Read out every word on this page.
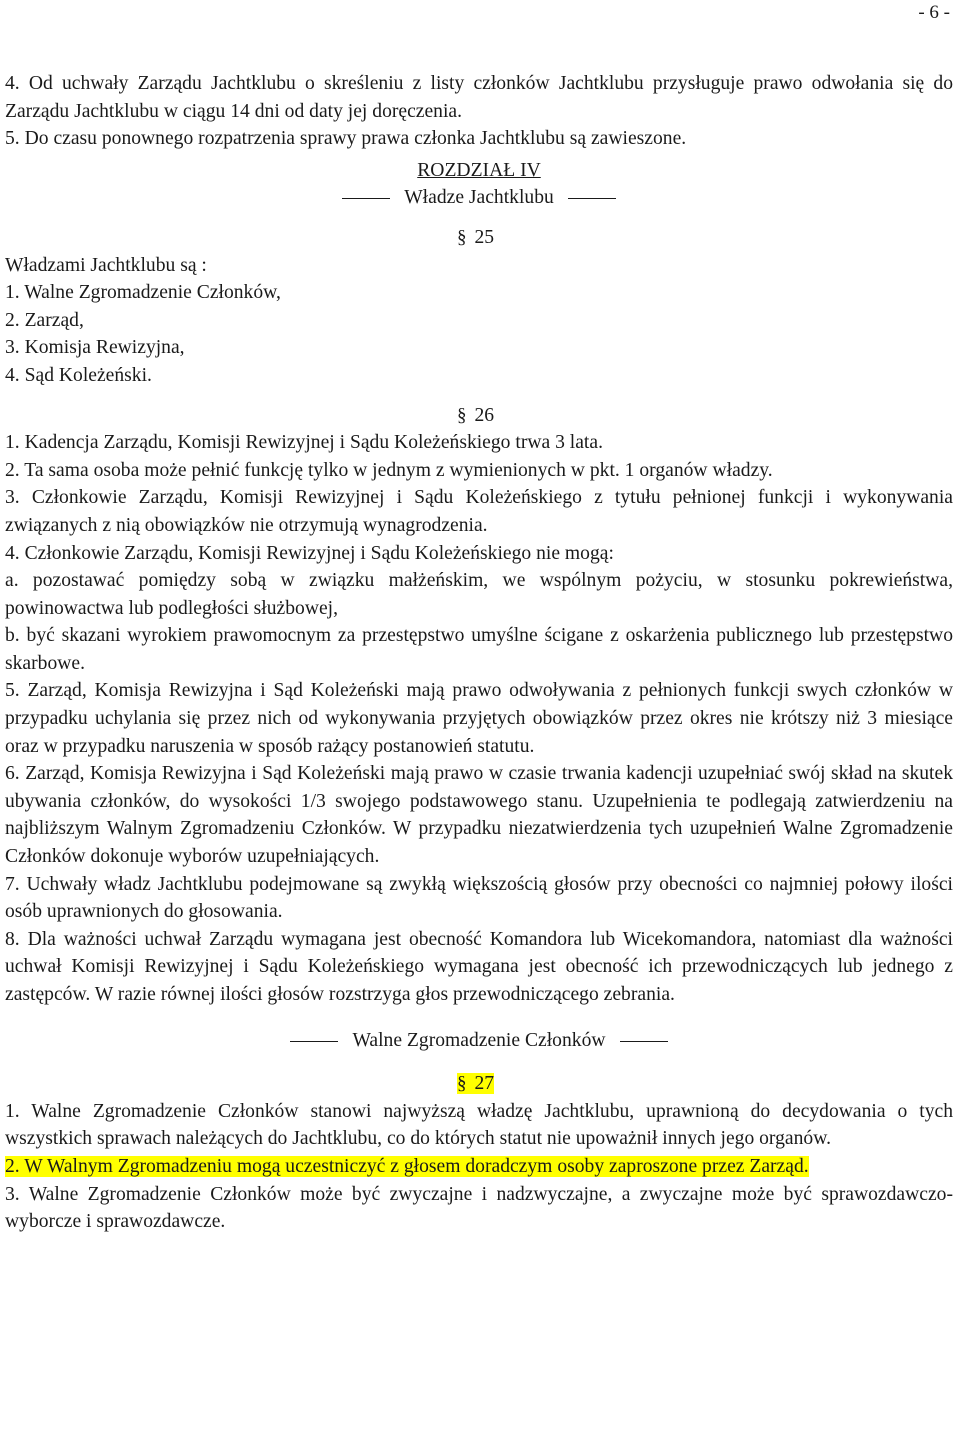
- 6 -

4. Od uchwały Zarządu Jachtklubu o skreśleniu z listy członków Jachtklubu przysługuje prawo odwołania się do Zarządu Jachtklubu w ciągu 14 dni od daty jej doręczenia.

5. Do czasu ponownego rozpatrzenia sprawy prawa członka Jachtklubu są zawieszone.

ROZDZIAŁ IV

Władze Jachtklubu

§ 25

Władzami Jachtklubu są :

1. Walne Zgromadzenie Członków,

2. Zarząd,

3. Komisja Rewizyjna,

4. Sąd Koleżeński.

§ 26

1. Kadencja Zarządu, Komisji Rewizyjnej i Sądu Koleżeńskiego trwa 3 lata.

2. Ta sama osoba może pełnić funkcję tylko w jednym z wymienionych w pkt. 1 organów władzy.

3. Członkowie Zarządu, Komisji Rewizyjnej i Sądu Koleżeńskiego z tytułu pełnionej funkcji i wykonywania związanych z nią obowiązków nie otrzymują wynagrodzenia.

4. Członkowie Zarządu, Komisji Rewizyjnej i Sądu Koleżeńskiego nie mogą:

a. pozostawać pomiędzy sobą w związku małżeńskim, we wspólnym pożyciu, w stosunku pokrewieństwa, powinowactwa lub podległości służbowej,

b. być skazani wyrokiem prawomocnym za przestępstwo umyślne ścigane z oskarżenia publicznego lub przestępstwo skarbowe.

5. Zarząd, Komisja Rewizyjna i Sąd Koleżeński mają prawo odwoływania z pełnionych funkcji swych członków w przypadku uchylania się przez nich od wykonywania przyjętych obowiązków przez okres nie krótszy niż 3 miesiące oraz w przypadku naruszenia w sposób rażący postanowień statutu.

6. Zarząd, Komisja Rewizyjna i Sąd Koleżeński mają prawo w czasie trwania kadencji uzupełniać swój skład na skutek ubywania członków, do wysokości 1/3 swojego podstawowego stanu. Uzupełnienia te podlegają zatwierdzeniu na najbliższym Walnym Zgromadzeniu Członków. W przypadku niezatwierdzenia tych uzupełnień Walne Zgromadzenie Członków dokonuje wyborów uzupełniających.

7. Uchwały władz Jachtklubu podejmowane są zwykłą większością głosów przy obecności co najmniej połowy ilości osób uprawnionych do głosowania.

8. Dla ważności uchwał Zarządu wymagana jest obecność Komandora lub Wicekomandora, natomiast dla ważności uchwał Komisji Rewizyjnej i Sądu Koleżeńskiego wymagana jest obecność ich przewodniczących lub jednego z zastępców. W razie równej ilości głosów rozstrzyga głos przewodniczącego zebrania.

Walne Zgromadzenie Członków

§ 27

1. Walne Zgromadzenie Członków stanowi najwyższą władzę Jachtklubu, uprawnioną do decydowania o tych wszystkich sprawach należących do Jachtklubu, co do których statut nie upoważnił innych jego organów.

2. W Walnym Zgromadzeniu mogą uczestniczyć z głosem doradczym osoby zaproszone przez Zarząd.

3. Walne Zgromadzenie Członków może być zwyczajne i nadzwyczajne, a zwyczajne może być sprawozdawczo-wyborcze i sprawozdawcze.
